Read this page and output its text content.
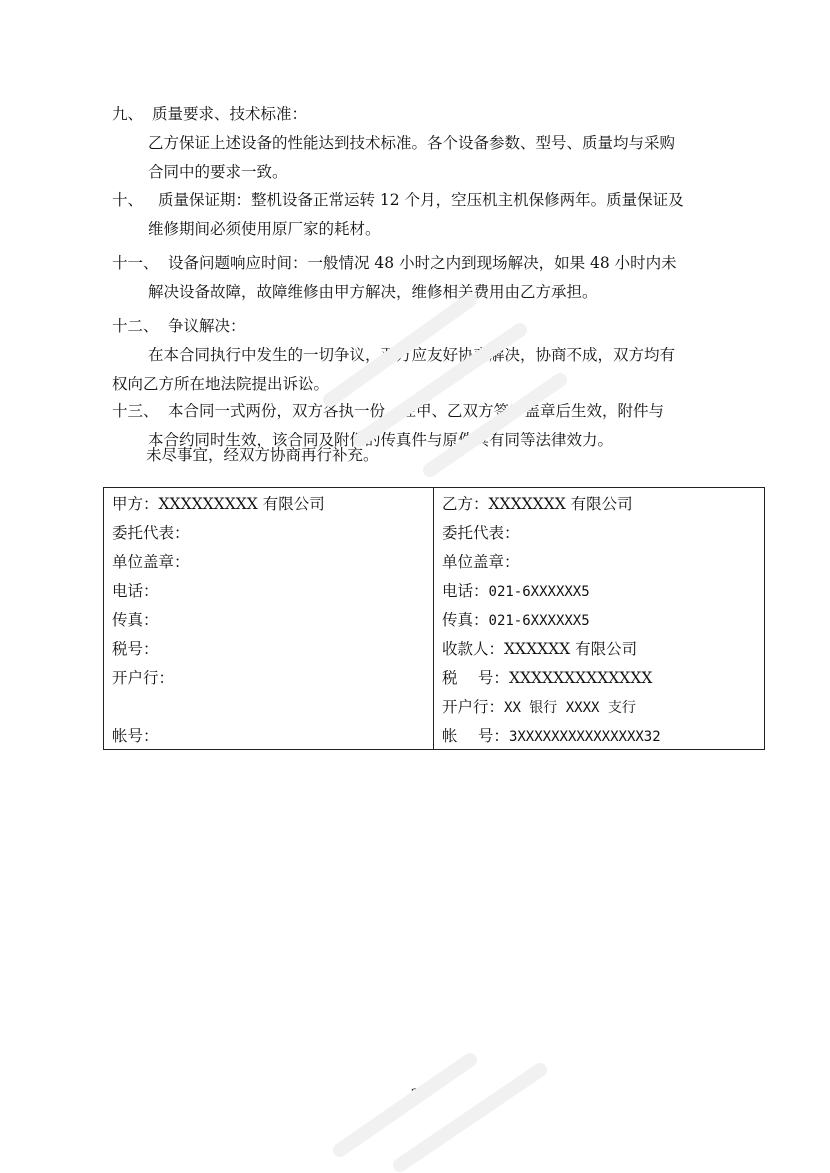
九、 质量要求、技术标准：
乙方保证上述设备的性能达到技术标准。各个设备参数、型号、质量均与采购
合同中的要求一致。
十、 质量保证期：整机设备正常运转 12 个月，空压机主机保修两年。质量保证及
维修期间必须使用原厂家的耗材。
十一、 设备问题响应时间：一般情况 48 小时之内到现场解决，如果 48 小时内未
解决设备故障，故障维修由甲方解决，维修相关费用由乙方承担。
十二、 争议解决：
在本合同执行中发生的一切争议，双方应友好协商解决，协商不成，双方均有
权向乙方所在地法院提出诉讼。
十三、 本合同一式两份，双方各执一份，经甲、乙双方签字盖章后生效，附件与
本合约同时生效，该合同及附件的传真件与原件具有同等法律效力。
未尽事宜，经双方协商再行补充。
甲方：XXXXXXXXX 有限公司	乙方：XXXXXXX 有限公司
委托代表：	委托代表：
单位盖章：	单位盖章：
电话：	电话：021-6XXXXXX5
传真：	传真：021-6XXXXXX5
税号：	收款人：XXXXXX 有限公司
开户行：	税　 号：XXXXXXXXXXXXX
	开户行：XX 银行 XXXX 支行
帐号：	帐　 号：3XXXXXXXXXXXXXXX32
2
